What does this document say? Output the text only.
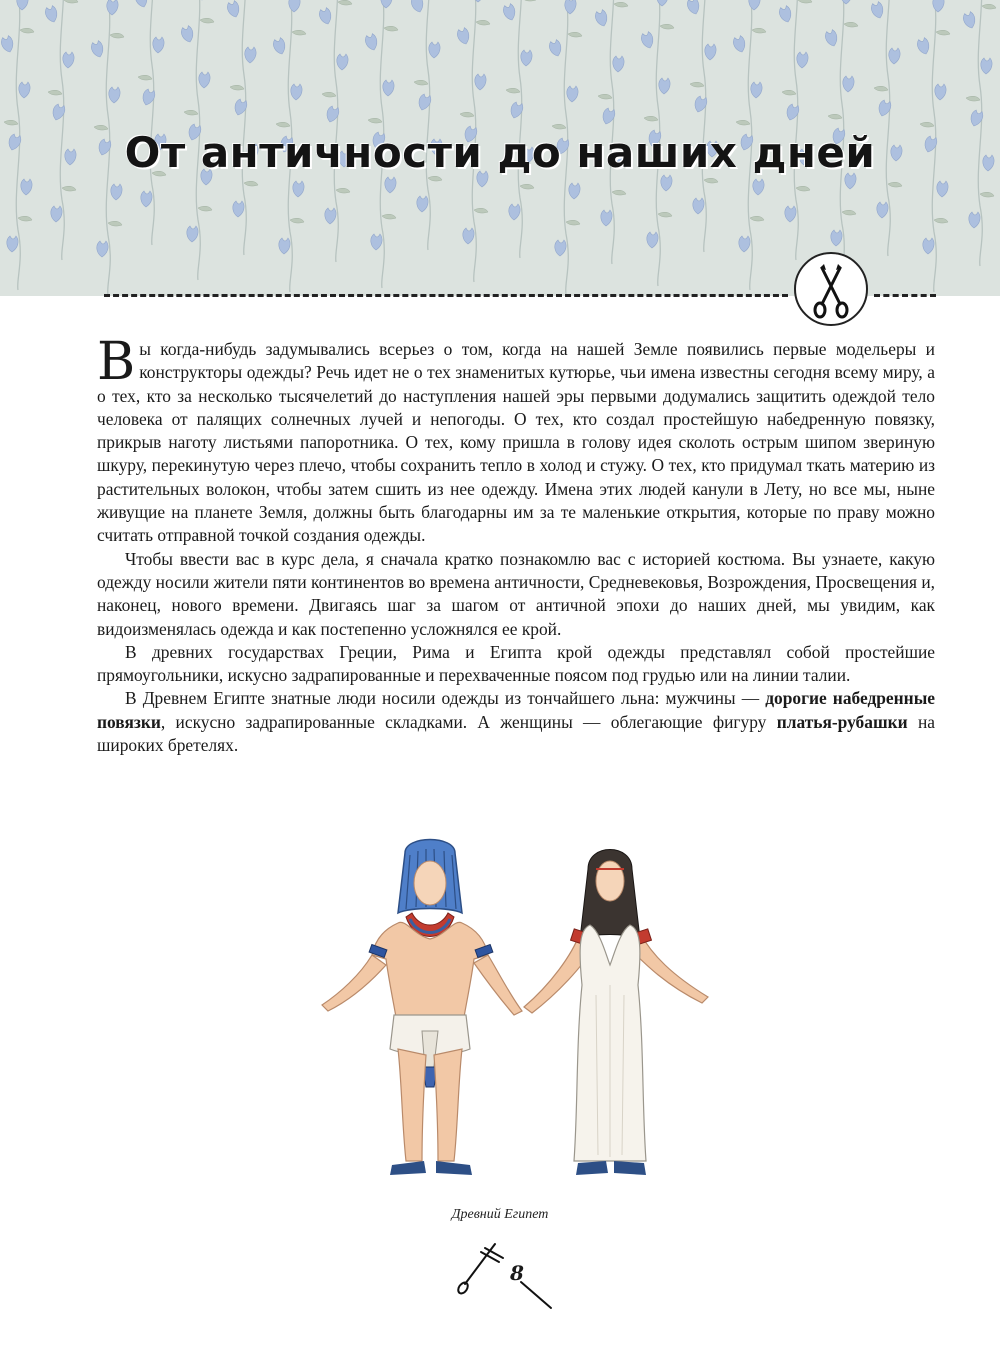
От античности до наших дней

Вы когда-нибудь задумывались всерьез о том, когда на нашей Земле появились первые модельеры и конструкторы одежды? Речь идет не о тех знаменитых кутюрье, чьи имена известны сегодня всему миру, а о тех, кто за несколько тысячелетий до наступления нашей эры первыми додумались защитить одеждой тело человека от палящих солнечных лучей и непогоды. О тех, кто создал простейшую набедренную повязку, прикрыв наготу листьями папоротника. О тех, кому пришла в голову идея сколоть острым шипом звериную шкуру, перекинутую через плечо, чтобы сохранить тепло в холод и стужу. О тех, кто придумал ткать материю из растительных волокон, чтобы затем сшить из нее одежду. Имена этих людей канули в Лету, но все мы, ныне живущие на планете Земля, должны быть благодарны им за те маленькие открытия, которые по праву можно считать отправной точкой создания одежды.

Чтобы ввести вас в курс дела, я сначала кратко познакомлю вас с историей костюма. Вы узнаете, какую одежду носили жители пяти континентов во времена античности, Средневековья, Возрождения, Просвещения и, наконец, нового времени. Двигаясь шаг за шагом от античной эпохи до наших дней, мы увидим, как видоизменялась одежда и как постепенно усложнялся ее крой.

В древних государствах Греции, Рима и Египта крой одежды представлял собой простейшие прямоугольники, искусно задрапированные и перехваченные поясом под грудью или на линии талии.

В Древнем Египте знатные люди носили одежды из тончайшего льна: мужчины — дорогие набедренные повязки, искусно задрапированные складками. А женщины — облегающие фигуру платья-рубашки на широких бретелях.

Древний Египет
8
